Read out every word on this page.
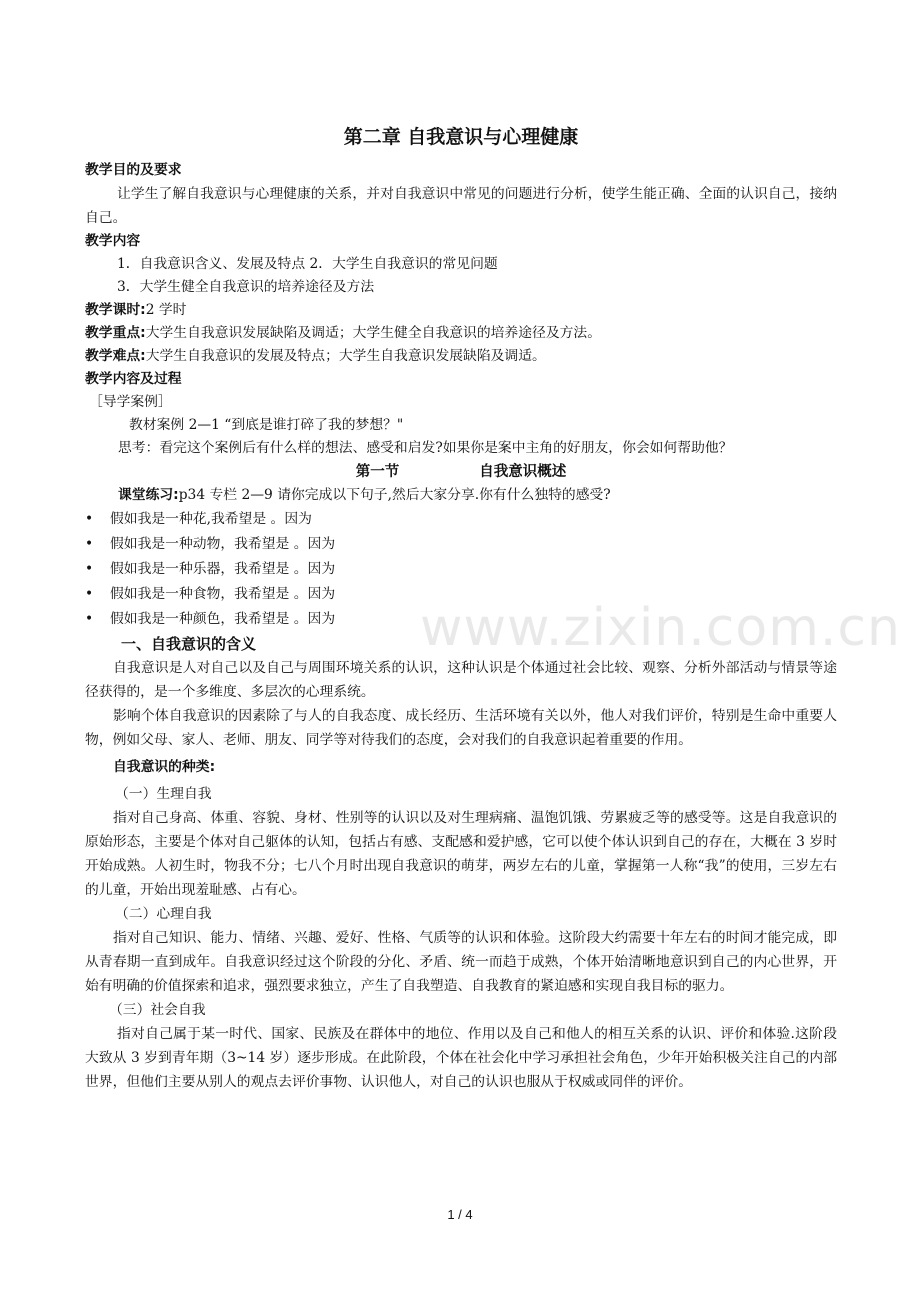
www.zixin.com.cn
第二章 自我意识与心理健康
教学目的及要求

让学生了解自我意识与心理健康的关系，并对自我意识中常见的问题进行分析，使学生能正确、全面的认识自己，接纳自己。

教学内容
1．自我意识含义、发展及特点 2．大学生自我意识的常见问题
3．大学生健全自我意识的培养途径及方法
教学课时:2 学时
教学重点:大学生自我意识发展缺陷及调适；大学生健全自我意识的培养途径及方法。
教学难点:大学生自我意识的发展及特点；大学生自我意识发展缺陷及调适。
教学内容及过程
［导学案例］
教材案例 2—1 “到底是谁打碎了我的梦想？"
思考：看完这个案例后有什么样的想法、感受和启发?如果你是案中主角的好朋友，你会如何帮助他？
第一节	自我意识概述
课堂练习:p34 专栏 2—9 请你完成以下句子,然后大家分享.你有什么独特的感受?
• 假如我是一种花,我希望是 。因为
• 假如我是一种动物，我希望是 。因为
• 假如我是一种乐器，我希望是 。因为
• 假如我是一种食物，我希望是 。因为
• 假如我是一种颜色，我希望是 。因为
一、自我意识的含义

自我意识是人对自己以及自己与周围环境关系的认识，这种认识是个体通过社会比较、观察、分析外部活动与情景等途径获得的，是一个多维度、多层次的心理系统。

影响个体自我意识的因素除了与人的自我态度、成长经历、生活环境有关以外，他人对我们评价，特别是生命中重要人物，例如父母、家人、老师、朋友、同学等对待我们的态度，会对我们的自我意识起着重要的作用。

自我意识的种类:
（一）生理自我

指对自己身高、体重、容貌、身材、性别等的认识以及对生理病痛、温饱饥饿、劳累疲乏等的感受等。这是自我意识的原始形态，主要是个体对自己躯体的认知，包括占有感、支配感和爱护感，它可以使个体认识到自己的存在，大概在 3 岁时开始成熟。人初生时，物我不分；七八个月时出现自我意识的萌芽，两岁左右的儿童，掌握第一人称“我”的使用，三岁左右的儿童，开始出现羞耻感、占有心。

（二）心理自我

指对自己知识、能力、情绪、兴趣、爱好、性格、气质等的认识和体验。这阶段大约需要十年左右的时间才能完成，即从青春期一直到成年。自我意识经过这个阶段的分化、矛盾、统一而趋于成熟，个体开始清晰地意识到自己的内心世界，开始有明确的价值探索和追求，强烈要求独立，产生了自我塑造、自我教育的紧迫感和实现自我目标的驱力。

（三）社会自我

指对自己属于某一时代、国家、民族及在群体中的地位、作用以及自己和他人的相互关系的认识、评价和体验.这阶段大致从 3 岁到青年期（3~14 岁）逐步形成。在此阶段，个体在社会化中学习承担社会角色，少年开始积极关注自己的内部世界，但他们主要从别人的观点去评价事物、认识他人，对自己的认识也服从于权威或同伴的评价。

1 / 4
